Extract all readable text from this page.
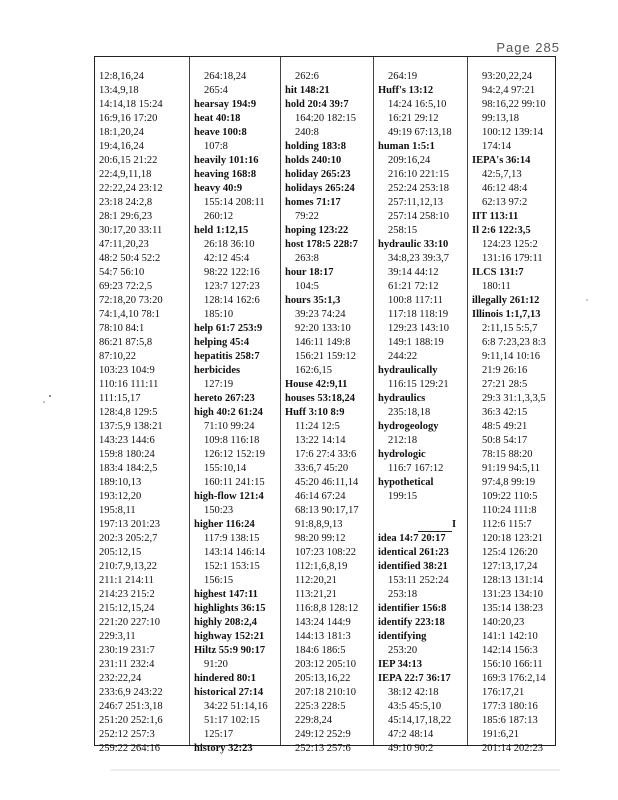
Page 285
12:8,16,24
13:4,9,18
14:14,18 15:24
16:9,16 17:20
18:1,20,24
19:4,16,24
20:6,15 21:22
22:4,9,11,18
22:22,24 23:12
23:18 24:2,8
28:1 29:6,23
30:17,20 33:11
47:11,20,23
48:2 50:4 52:2
54:7 56:10
69:23 72:2,5
72:18,20 73:20
74:1,4,10 78:1
78:10 84:1
86:21 87:5,8
87:10,22
103:23 104:9
110:16 111:11
111:15,17
128:4,8 129:5
137:5,9 138:21
143:23 144:6
159:8 180:24
183:4 184:2,5
189:10,13
193:12,20
195:8,11
197:13 201:23
202:3 205:2,7
205:12,15
210:7,9,13,22
211:1 214:11
214:23 215:2
215:12,15,24
221:20 227:10
229:3,11
230:19 231:7
231:11 232:4
232:22,24
233:6,9 243:22
246:7 251:3,18
251:20 252:1,6
252:12 257:3
259:22 264:16
264:18,24
265:4
hearsay 194:9
heat 40:18
heave 100:8
107:8
heavily 101:16
heaving 168:8
heavy 40:9
155:14 208:11
260:12
held 1:12,15
26:18 36:10
42:12 45:4
98:22 122:16
123:7 127:23
128:14 162:6
185:10
help 61:7 253:9
helping 45:4
hepatitis 258:7
herbicides
127:19
hereto 267:23
high 40:2 61:24
71:10 99:24
109:8 116:18
126:12 152:19
155:10,14
160:11 241:15
high-flow 121:4
150:23
higher 116:24
117:9 138:15
143:14 146:14
152:1 153:15
156:15
highest 147:11
highlights 36:15
highly 208:2,4
highway 152:21
Hiltz 55:9 90:17
91:20
hindered 80:1
historical 27:14
34:22 51:14,16
51:17 102:15
125:17
history 32:23
262:6
hit 148:21
hold 20:4 39:7
164:20 182:15
240:8
holding 183:8
holds 240:10
holiday 265:23
holidays 265:24
homes 71:17
79:22
hoping 123:22
host 178:5 228:7
263:8
hour 18:17
104:5
hours 35:1,3
39:23 74:24
92:20 133:10
146:11 149:8
156:21 159:12
162:6,15
House 42:9,11
houses 53:18,24
Huff 3:10 8:9
11:24 12:5
13:22 14:14
17:6 27:4 33:6
33:6,7 45:20
45:20 46:11,14
46:14 67:24
68:13 90:17,17
91:8,8,9,13
98:20 99:12
107:23 108:22
112:1,6,8,19
112:20,21
113:21,21
116:8,8 128:12
143:24 144:9
144:13 181:3
184:6 186:5
203:12 205:10
205:13,16,22
207:18 210:10
225:3 228:5
229:8,24
249:12 252:9
252:13 257:6
264:19
Huff's 13:12
14:24 16:5,10
16:21 29:12
49:19 67:13,18
human 1:5:1
209:16,24
216:10 221:15
252:24 253:18
257:11,12,13
257:14 258:10
258:15
hydraulic 33:10
34:8,23 39:3,7
39:14 44:12
61:21 72:12
100:8 117:11
117:18 118:19
129:23 143:10
149:1 188:19
244:22
hydraulically
116:15 129:21
hydraulics
235:18,18
hydrogeology
212:18
hydrologic
116:7 167:12
hypothetical
199:15
I
idea 14:7 20:17
identical 261:23
identified 38:21
153:11 252:24
253:18
identifier 156:8
identify 223:18
identifying
253:20
IEP 34:13
IEPA 22:7 36:17
38:12 42:18
43:5 45:5,10
45:14,17,18,22
47:2 48:14
49:10 90:2
93:20,22,24
94:2,4 97:21
98:16,22 99:10
99:13,18
100:12 139:14
174:14
IEPA's 36:14
42:5,7,13
46:12 48:4
62:13 97:2
IIT 113:11
Il 2:6 122:3,5
124:23 125:2
131:16 179:11
ILCS 131:7
180:11
illegally 261:12
Illinois 1:1,7,13
2:11,15 5:5,7
6:8 7:23,23 8:3
9:11,14 10:16
21:9 26:16
27:21 28:5
29:3 31:1,3,3,5
36:3 42:15
48:5 49:21
50:8 54:17
78:15 88:20
91:19 94:5,11
97:4,8 99:19
109:22 110:5
110:24 111:8
112:6 115:7
120:18 123:21
125:4 126:20
127:13,17,24
128:13 131:14
131:23 134:10
135:14 138:23
140:20,23
141:1 142:10
142:14 156:3
156:10 166:11
169:3 176:2,14
176:17,21
177:3 180:16
185:6 187:13
191:6,21
201:14 202:23
